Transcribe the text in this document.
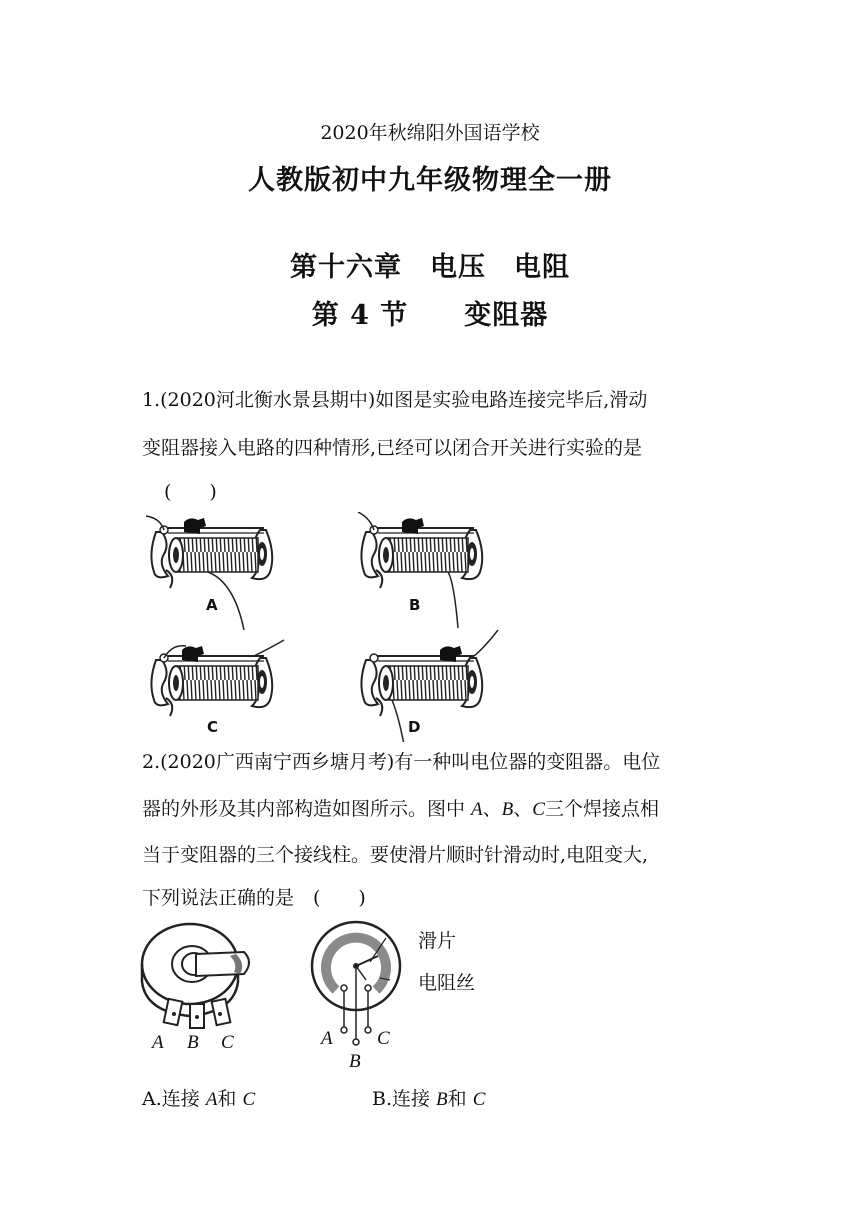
2020年秋绵阳外国语学校
人教版初中九年级物理全一册
第十六章　电压　电阻
第 4 节　　变阻器
1.(2020河北衡水景县期中)如图是实验电路连接完毕后,滑动
变阻器接入电路的四种情形,已经可以闭合开关进行实验的是
(　　)
A	B
C	D
2.(2020广西南宁西乡塘月考)有一种叫电位器的变阻器。电位
器的外形及其内部构造如图所示。图中 A、B、C三个焊接点相
当于变阻器的三个接线柱。要使滑片顺时针滑动时,电阻变大,
下列说法正确的是　(　　)
A B C
滑片
电阻丝
A
B
C
A.连接 A和 C	B.连接 B和 C
